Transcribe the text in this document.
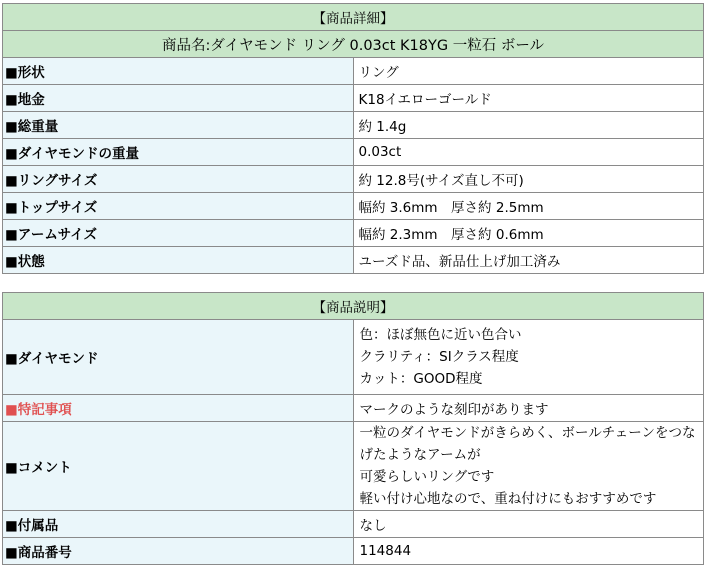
【商品詳細】	
商品名:ダイヤモンド リング 0.03ct K18YG 一粒石 ボール	
■形状	リング
■地金	K18イエローゴールド
■総重量	約 1.4g
■ダイヤモンドの重量	0.03ct
■リングサイズ	約 12.8号(サイズ直し不可)
■トップサイズ	幅約 3.6mm　厚さ約 2.5mm
■アームサイズ	幅約 2.3mm　厚さ約 0.6mm
■状態	ユーズド品、新品仕上げ加工済み
【商品説明】	
■ダイヤモンド	色：ほぼ無色に近い色合い
クラリティ：SIクラス程度
カット：GOOD程度

■特記事項	マークのような刻印があります
■コメント	一粒のダイヤモンドがきらめく、ボールチェーンをつなげたようなアームが
可愛らしいリングです
軽い付け心地なので、重ね付けにもおすすめです

■付属品	なし
■商品番号	114844
